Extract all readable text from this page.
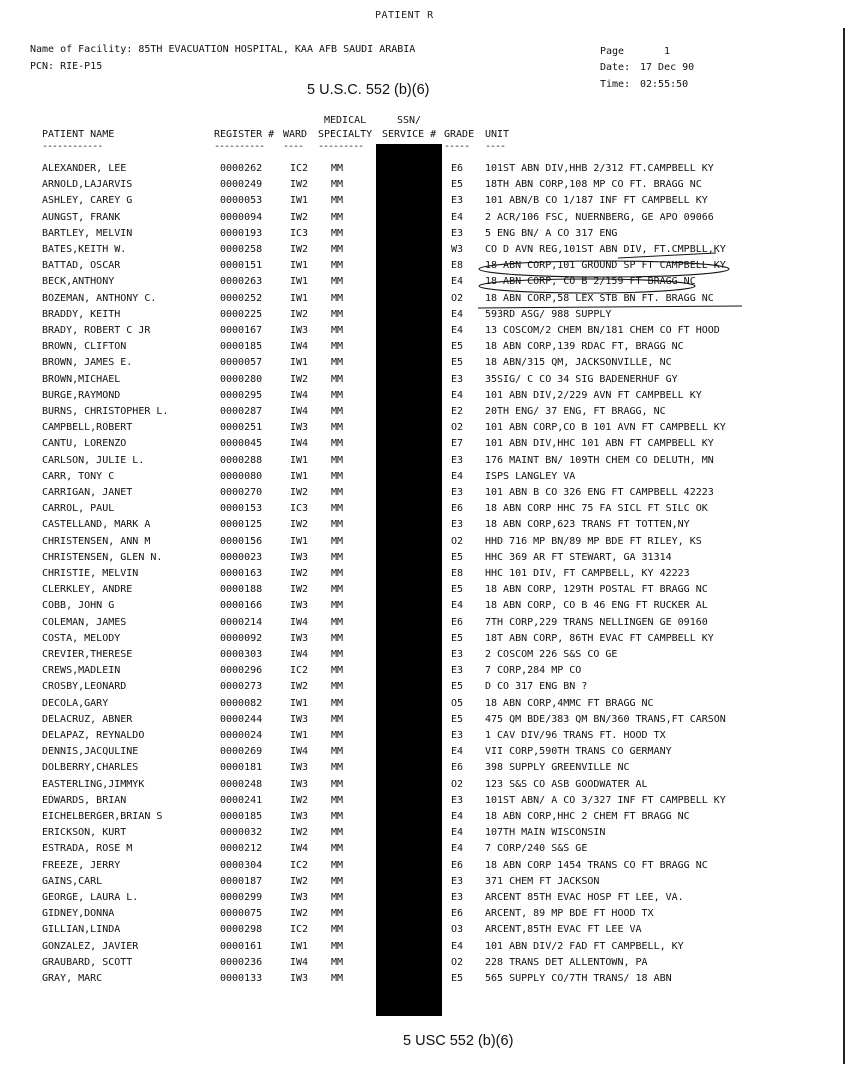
PATIENT R
Name of Facility: 85TH EVACUATION HOSPITAL, KAA AFB SAUDI ARABIA
PCN: RIE-P15
Page	1
Date: 17 Dec 90
Time: 02:55:50
5 U.S.C. 552 (b)(6)
PATIENT NAME	REGISTER # WARD
MEDICAL
SPECIALTY
SSN/
SERVICE # GRADE UNIT
------------	---------- ---- ---------	----- ----
ALEXANDER, LEE	0000262	IC2 MM	E6 101ST ABN DIV,HHB 2/312 FT.CAMPBELL KY
ARNOLD,LAJARVIS	0000249	IW2 MM	E5 18TH ABN CORP,108 MP CO FT. BRAGG NC
ASHLEY, CAREY G	0000053	IW1 MM	E3 101 ABN/B CO 1/187 INF FT CAMPBELL KY
AUNGST, FRANK	0000094	IW2 MM	E4 2 ACR/106 FSC, NUERNBERG, GE APO 09066
BARTLEY, MELVIN	0000193	IC3 MM	E3 5 ENG BN/ A CO 317 ENG
BATES,KEITH W.	0000258	IW2 MM	W3 CO D AVN REG,101ST ABN DIV, FT.CMPBLL,KY
BATTAD, OSCAR	0000151	IW1 MM	E8 18 ABN CORP,101 GROUND SP FT CAMPBELL KY
BECK,ANTHONY	0000263	IW1 MM	E4 18 ABN CORP, CO B 2/159 FT BRAGG NC
BOZEMAN, ANTHONY C.	0000252	IW1 MM	O2 18 ABN CORP,58 LEX STB BN FT. BRAGG NC
BRADDY, KEITH	0000225	IW2 MM	E4 593RD ASG/ 988 SUPPLY
BRADY, ROBERT C JR	0000167	IW3 MM	E4 13 COSCOM/2 CHEM BN/181 CHEM CO FT HOOD
BROWN, CLIFTON	0000185	IW4 MM	E5 18 ABN CORP,139 RDAC FT, BRAGG NC
BROWN, JAMES E.	0000057	IW1 MM	E5 18 ABN/315 QM, JACKSONVILLE, NC
BROWN,MICHAEL	0000280	IW2 MM	E3 35SIG/ C CO 34 SIG BADENERHUF GY
BURGE,RAYMOND	0000295	IW4 MM	E4 101 ABN DIV,2/229 AVN FT CAMPBELL KY
BURNS, CHRISTOPHER L.	0000287	IW4 MM	E2 20TH ENG/ 37 ENG, FT BRAGG, NC
CAMPBELL,ROBERT	0000251	IW3 MM	O2 101 ABN CORP,CO B 101 AVN FT CAMPBELL KY
CANTU, LORENZO	0000045	IW4 MM	E7 101 ABN DIV,HHC 101 ABN FT CAMPBELL KY
CARLSON, JULIE L.	0000288	IW1 MM	E3 176 MAINT BN/ 109TH CHEM CO DELUTH, MN
CARR, TONY C	0000080	IW1 MM	E4 ISPS LANGLEY VA
CARRIGAN, JANET	0000270	IW2 MM	E3 101 ABN B CO 326 ENG FT CAMPBELL 42223
CARROL, PAUL	0000153	IC3 MM	E6 18 ABN CORP HHC 75 FA SICL FT SILC OK
CASTELLAND, MARK A	0000125	IW2 MM	E3 18 ABN CORP,623 TRANS FT TOTTEN,NY
CHRISTENSEN, ANN M	0000156	IW1 MM	O2 HHD 716 MP BN/89 MP BDE FT RILEY, KS
CHRISTENSEN, GLEN N.	0000023	IW3 MM	E5 HHC 369 AR FT STEWART, GA 31314
CHRISTIE, MELVIN	0000163	IW2 MM	E8 HHC 101 DIV, FT CAMPBELL, KY 42223
CLERKLEY, ANDRE	0000188	IW2 MM	E5 18 ABN CORP, 129TH POSTAL FT BRAGG NC
COBB, JOHN G	0000166	IW3 MM	E4 18 ABN CORP, CO B 46 ENG FT RUCKER AL
COLEMAN, JAMES	0000214	IW4 MM	E6 7TH CORP,229 TRANS NELLINGEN GE 09160
COSTA, MELODY	0000092	IW3 MM	E5 18T ABN CORP, 86TH EVAC FT CAMPBELL KY
CREVIER,THERESE	0000303	IW4 MM	E3 2 COSCOM 226 S&S CO GE
CREWS,MADLEIN	0000296	IC2 MM	E3 7 CORP,284 MP CO
CROSBY,LEONARD	0000273	IW2 MM	E5 D CO 317 ENG BN ?
DECOLA,GARY	0000082	IW1 MM	O5 18 ABN CORP,4MMC FT BRAGG NC
DELACRUZ, ABNER	0000244	IW3 MM	E5 475 QM BDE/383 QM BN/360 TRANS,FT CARSON
DELAPAZ, REYNALDO	0000024	IW1 MM	E3 1 CAV DIV/96 TRANS FT. HOOD TX
DENNIS,JACQULINE	0000269	IW4 MM	E4 VII CORP,590TH TRANS CO GERMANY
DOLBERRY,CHARLES	0000181	IW3 MM	E6 398 SUPPLY GREENVILLE NC
EASTERLING,JIMMYK	0000248	IW3 MM	O2 123 S&S CO ASB GOODWATER AL
EDWARDS, BRIAN	0000241	IW2 MM	E3 101ST ABN/ A CO 3/327 INF FT CAMPBELL KY
EICHELBERGER,BRIAN S	0000185	IW3 MM	E4 18 ABN CORP,HHC 2 CHEM FT BRAGG NC
ERICKSON, KURT	0000032	IW2 MM	E4 107TH MAIN WISCONSIN
ESTRADA, ROSE M	0000212	IW4 MM	E4 7 CORP/240 S&S GE
FREEZE, JERRY	0000304	IC2 MM	E6 18 ABN CORP 1454 TRANS CO FT BRAGG NC
GAINS,CARL	0000187	IW2 MM	E3 371 CHEM FT JACKSON
GEORGE, LAURA L.	0000299	IW3 MM	E3 ARCENT 85TH EVAC HOSP FT LEE, VA.
GIDNEY,DONNA	0000075	IW2 MM	E6 ARCENT, 89 MP BDE FT HOOD TX
GILLIAN,LINDA	0000298	IC2 MM	O3 ARCENT,85TH EVAC FT LEE VA
GONZALEZ, JAVIER	0000161	IW1 MM	E4 101 ABN DIV/2 FAD FT CAMPBELL, KY
GRAUBARD, SCOTT	0000236	IW4 MM	O2 228 TRANS DET ALLENTOWN, PA
GRAY, MARC	0000133	IW3 MM	E5 565 SUPPLY CO/7TH TRANS/ 18 ABN
5 USC 552 (b)(6)
